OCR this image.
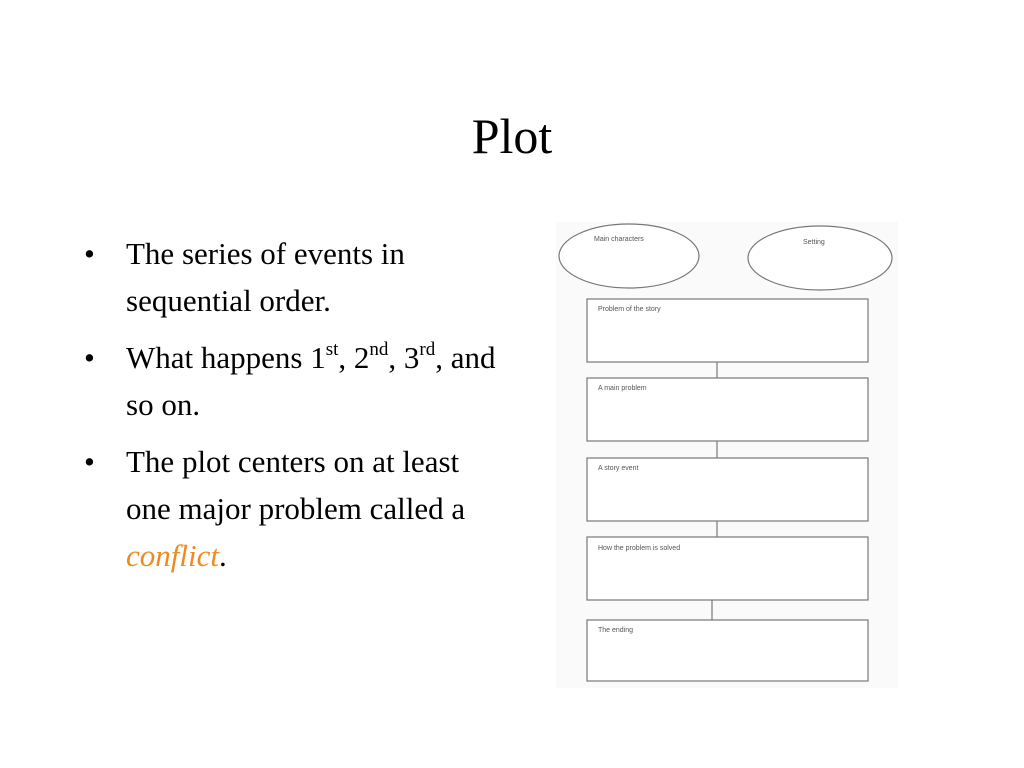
Plot
• The series of events in sequential order.
• What happens 1st, 2nd, 3rd, and so on.
• The plot centers on at least one major problem called a conflict.
Main characters	Setting
Problem of the story
A main problem
A story event
How the problem is solved
The ending
